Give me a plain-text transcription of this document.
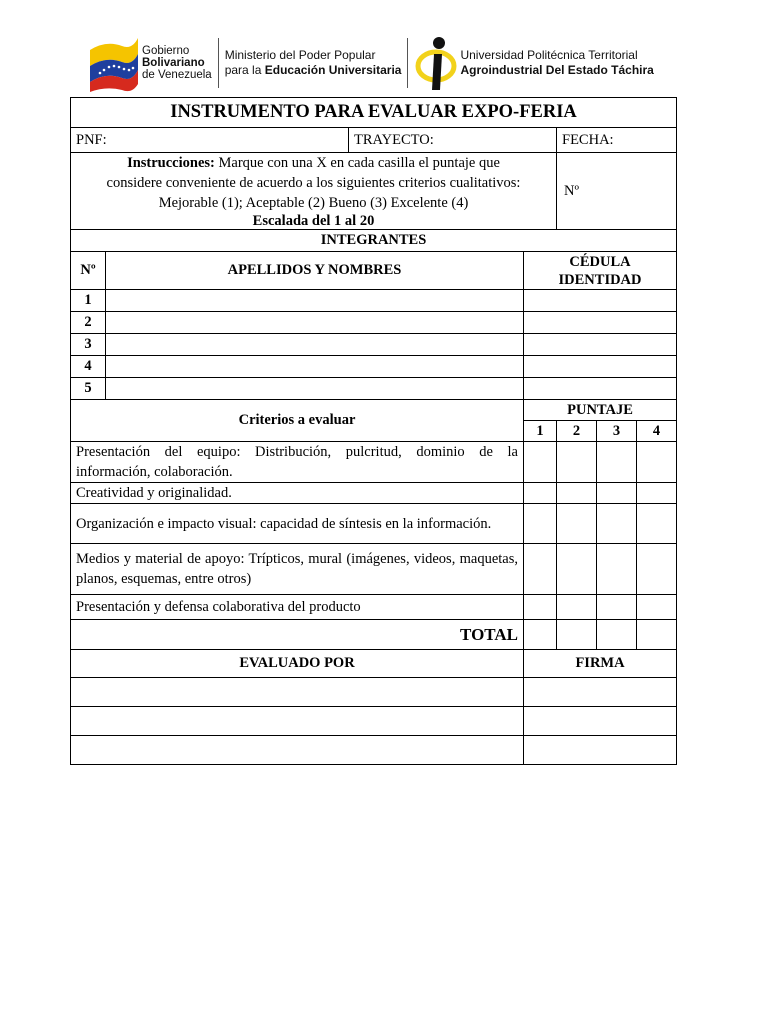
Gobierno
Bolivariano
de Venezuela
Ministerio del Poder Popular
para la Educación Universitaria
Universidad Politécnica Territorial
Agroindustrial Del Estado Táchira
INSTRUMENTO PARA EVALUAR EXPO-FERIA						
PNF:		TRAYECTO:		FECHA:		

Instrucciones: Marque con una X en cada casilla el puntaje que
considere conveniente de acuerdo a los siguientes criterios cualitativos:
Mejorable (1); Aceptable (2) Bueno (3) Excelente (4)
Escalada del 1 al 20				Nº		
INTEGRANTES						
Nº	APELLIDOS Y NOMBRES		CÉDULA IDENTIDAD			
1						
2						
3						
4						
5						
Criterios a evaluar			PUNTAJE			
			1	2	3	4
Presentación del equipo: Distribución, pulcritud, dominio de la información, colaboración.						
Creatividad y originalidad.						
Organización e impacto visual: capacidad de síntesis en la información.						
Medios y material de apoyo: Trípticos, mural (imágenes, videos, maquetas, planos, esquemas, entre otros)						
Presentación y defensa colaborativa del producto						
TOTAL						
EVALUADO POR			FIRMA			
